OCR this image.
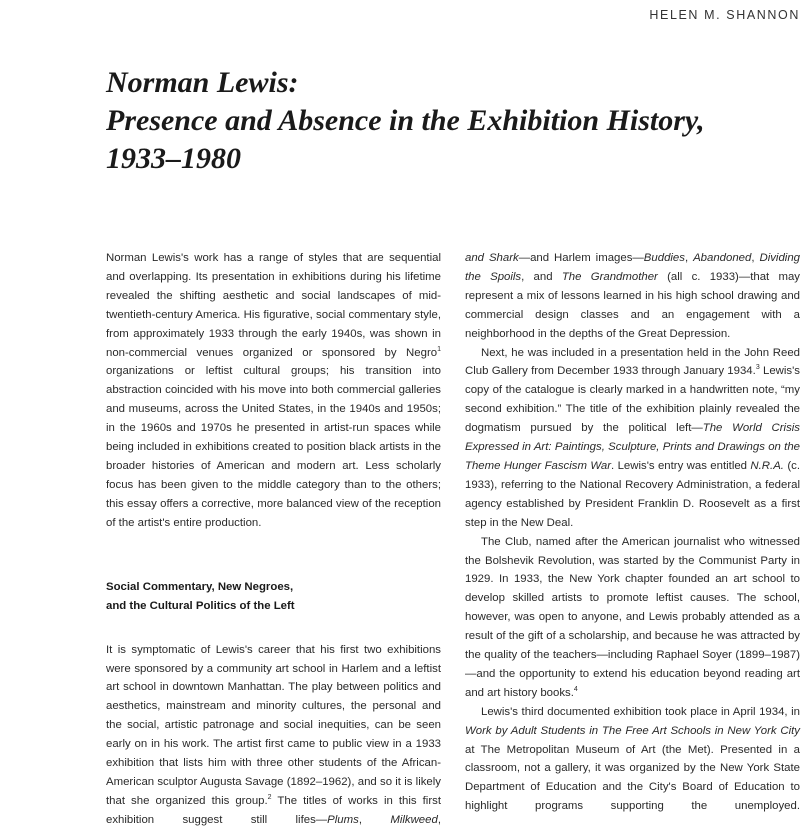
HELEN M. SHANNON
Norman Lewis:
Presence and Absence in the Exhibition History,
1933–1980

Norman Lewis's work has a range of styles that are sequential and overlapping. Its presentation in exhibitions during his lifetime revealed the shifting aesthetic and social landscapes of mid-twentieth-century America. His figurative, social commentary style, from approximately 1933 through the early 1940s, was shown in non-commercial venues organized or sponsored by Negro$^1$ organizations or leftist cultural groups; his transition into abstraction coincided with his move into both commercial galleries and museums, across the United States, in the 1940s and 1950s; in the 1960s and 1970s he presented in artist-run spaces while being included in exhibitions created to position black artists in the broader histories of American and modern art. Less scholarly focus has been given to the middle category than to the others; this essay offers a corrective, more balanced view of the reception of the artist's entire production.

Social Commentary, New Negroes,
and the Cultural Politics of the Left

It is symptomatic of Lewis's career that his first two exhibitions were sponsored by a community art school in Harlem and a leftist art school in downtown Manhattan. The play between politics and aesthetics, mainstream and minority cultures, the personal and the social, artistic patronage and social inequities, can be seen early on in his work. The artist first came to public view in a 1933 exhibition that lists him with three other students of the African-American sculptor Augusta Savage (1892–1962), and so it is likely that she organized this group.$^2$ The titles of works in this first exhibition suggest still lifes—Plums, Milkweed,

and Shark—and Harlem images—Buddies, Abandoned, Dividing the Spoils, and The Grandmother (all c. 1933)—that may represent a mix of lessons learned in his high school drawing and commercial design classes and an engagement with a neighborhood in the depths of the Great Depression.

Next, he was included in a presentation held in the John Reed Club Gallery from December 1933 through January 1934.$^3$ Lewis's copy of the catalogue is clearly marked in a handwritten note, “my second exhibition.” The title of the exhibition plainly revealed the dogmatism pursued by the political left—The World Crisis Expressed in Art: Paintings, Sculpture, Prints and Drawings on the Theme Hunger Fascism War. Lewis's entry was entitled N.R.A. (c. 1933), referring to the National Recovery Administration, a federal agency established by President Franklin D. Roosevelt as a first step in the New Deal.

The Club, named after the American journalist who witnessed the Bolshevik Revolution, was started by the Communist Party in 1929. In 1933, the New York chapter founded an art school to develop skilled artists to promote leftist causes. The school, however, was open to anyone, and Lewis probably attended as a result of the gift of a scholarship, and because he was attracted by the quality of the teachers—including Raphael Soyer (1899–1987)—and the opportunity to extend his education beyond reading art and art history books.$^4$

Lewis's third documented exhibition took place in April 1934, in Work by Adult Students in The Free Art Schools in New York City at The Metropolitan Museum of Art (the Met). Presented in a classroom, not a gallery, it was organized by the New York State Department of Education and the City's Board of Education to highlight programs supporting the unemployed.
